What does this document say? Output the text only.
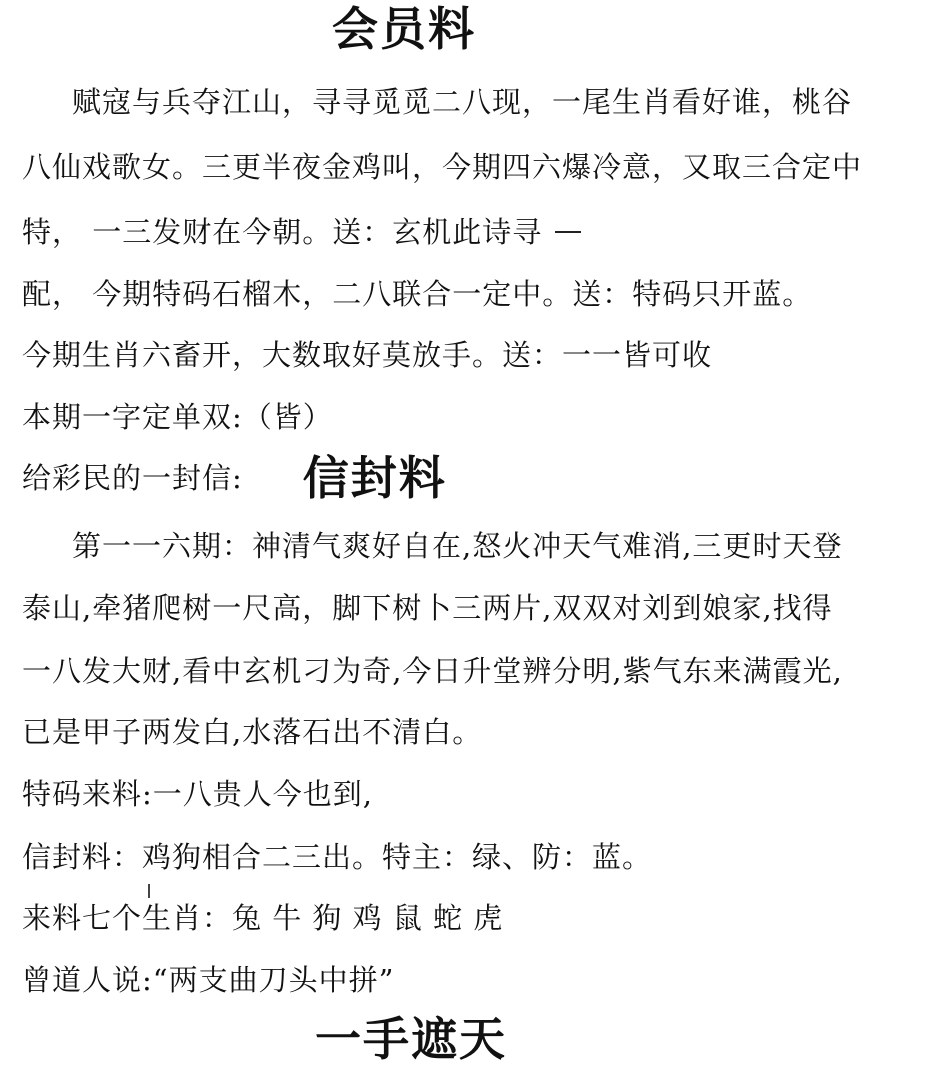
会员料
赋寇与兵夺江山，寻寻觅觅二八现，一尾生肖看好谁，桃谷
八仙戏歌女。三更半夜金鸡叫，今期四六爆冷意，又取三合定中
特， 一三发财在今朝。送：玄机此诗寻
配， 今期特码石榴木，二八联合一定中。送：特码只开蓝。
今期生肖六畜开，大数取好莫放手。送：一一皆可收
本期一字定单双:（皆）
给彩民的一封信: 信封料
第一一六期：神清气爽好自在,怒火冲天气难消,三更时天登
泰山,牵猪爬树一尺高，脚下树卜三两片,双双对刘到娘家,找得
一八发大财,看中玄机刁为奇,今日升堂辨分明,紫气东来满霞光,
已是甲子两发白,水落石出不清白。
特码来料:一八贵人今也到,
信封料：鸡狗相合二三出。特主：绿、防：蓝。
来料七个生肖：兔 牛 狗 鸡 鼠 蛇 虎
曾道人说:“两支曲刀头中拼”
一手遮天
